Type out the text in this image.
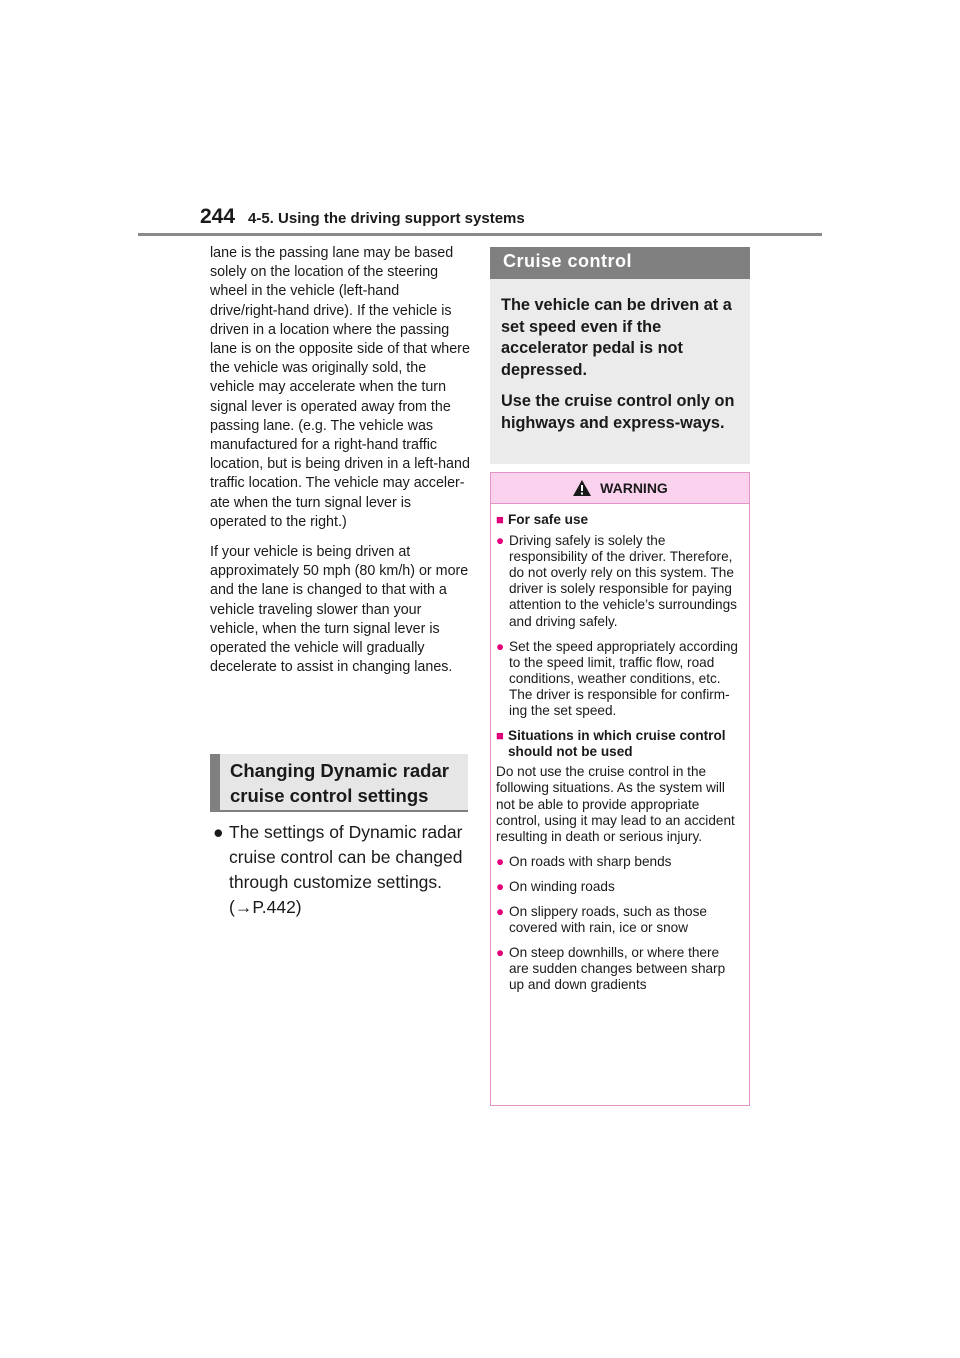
244 4-5. Using the driving support systems

lane is the passing lane may be based solely on the location of the steering wheel in the vehicle (left-hand drive/right-hand drive). If the vehicle is driven in a location where the passing lane is on the opposite side of that where the vehicle was originally sold, the vehicle may accelerate when the turn signal lever is operated away from the passing lane. (e.g. The vehicle was manufactured for a right-hand traffic location, but is being driven in a left-hand traffic location. The vehicle may acceler-ate when the turn signal lever is operated to the right.)

If your vehicle is being driven at approximately 50 mph (80 km/h) or more and the lane is changed to that with a vehicle traveling slower than your vehicle, when the turn signal lever is operated the vehicle will gradually decelerate to assist in changing lanes.

Changing Dynamic radar cruise control settings
● The settings of Dynamic radar cruise control can be changed through customize settings. (→P.442)
Cruise control

The vehicle can be driven at a set speed even if the accelerator pedal is not depressed.

Use the cruise control only on highways and express-ways.

WARNING

■ For safe use

● Driving safely is solely the responsibility of the driver. Therefore, do not overly rely on this system. The driver is solely responsible for paying attention to the vehicle’s surroundings and driving safely.

● Set the speed appropriately according to the speed limit, traffic flow, road conditions, weather conditions, etc. The driver is responsible for confirm-ing the set speed.

■ Situations in which cruise control should not be used

Do not use the cruise control in the following situations. As the system will not be able to provide appropriate control, using it may lead to an accident resulting in death or serious injury.

● On roads with sharp bends

● On winding roads

● On slippery roads, such as those covered with rain, ice or snow

● On steep downhills, or where there are sudden changes between sharp up and down gradients
